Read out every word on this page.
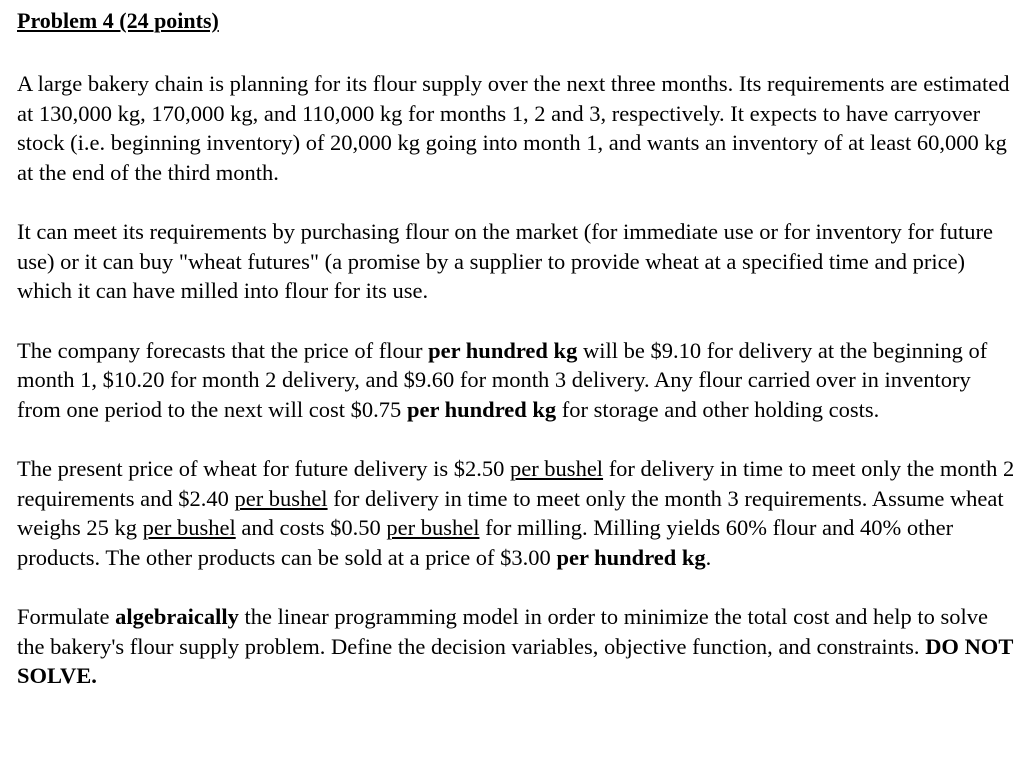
Problem 4 (24 points)

A large bakery chain is planning for its flour supply over the next three months. Its requirements are estimated at 130,000 kg, 170,000 kg, and 110,000 kg for months 1, 2 and 3, respectively. It expects to have carryover stock (i.e. beginning inventory) of 20,000 kg going into month 1, and wants an inventory of at least 60,000 kg at the end of the third month.

It can meet its requirements by purchasing flour on the market (for immediate use or for inventory for future use) or it can buy "wheat futures" (a promise by a supplier to provide wheat at a specified time and price) which it can have milled into flour for its use.

The company forecasts that the price of flour per hundred kg will be $9.10 for delivery at the beginning of month 1, $10.20 for month 2 delivery, and $9.60 for month 3 delivery. Any flour carried over in inventory from one period to the next will cost $0.75 per hundred kg for storage and other holding costs.

The present price of wheat for future delivery is $2.50 per bushel for delivery in time to meet only the month 2 requirements and $2.40 per bushel for delivery in time to meet only the month 3 requirements. Assume wheat weighs 25 kg per bushel and costs $0.50 per bushel for milling. Milling yields 60% flour and 40% other products. The other products can be sold at a price of $3.00 per hundred kg.

Formulate algebraically the linear programming model in order to minimize the total cost and help to solve the bakery's flour supply problem. Define the decision variables, objective function, and constraints. DO NOT SOLVE.
